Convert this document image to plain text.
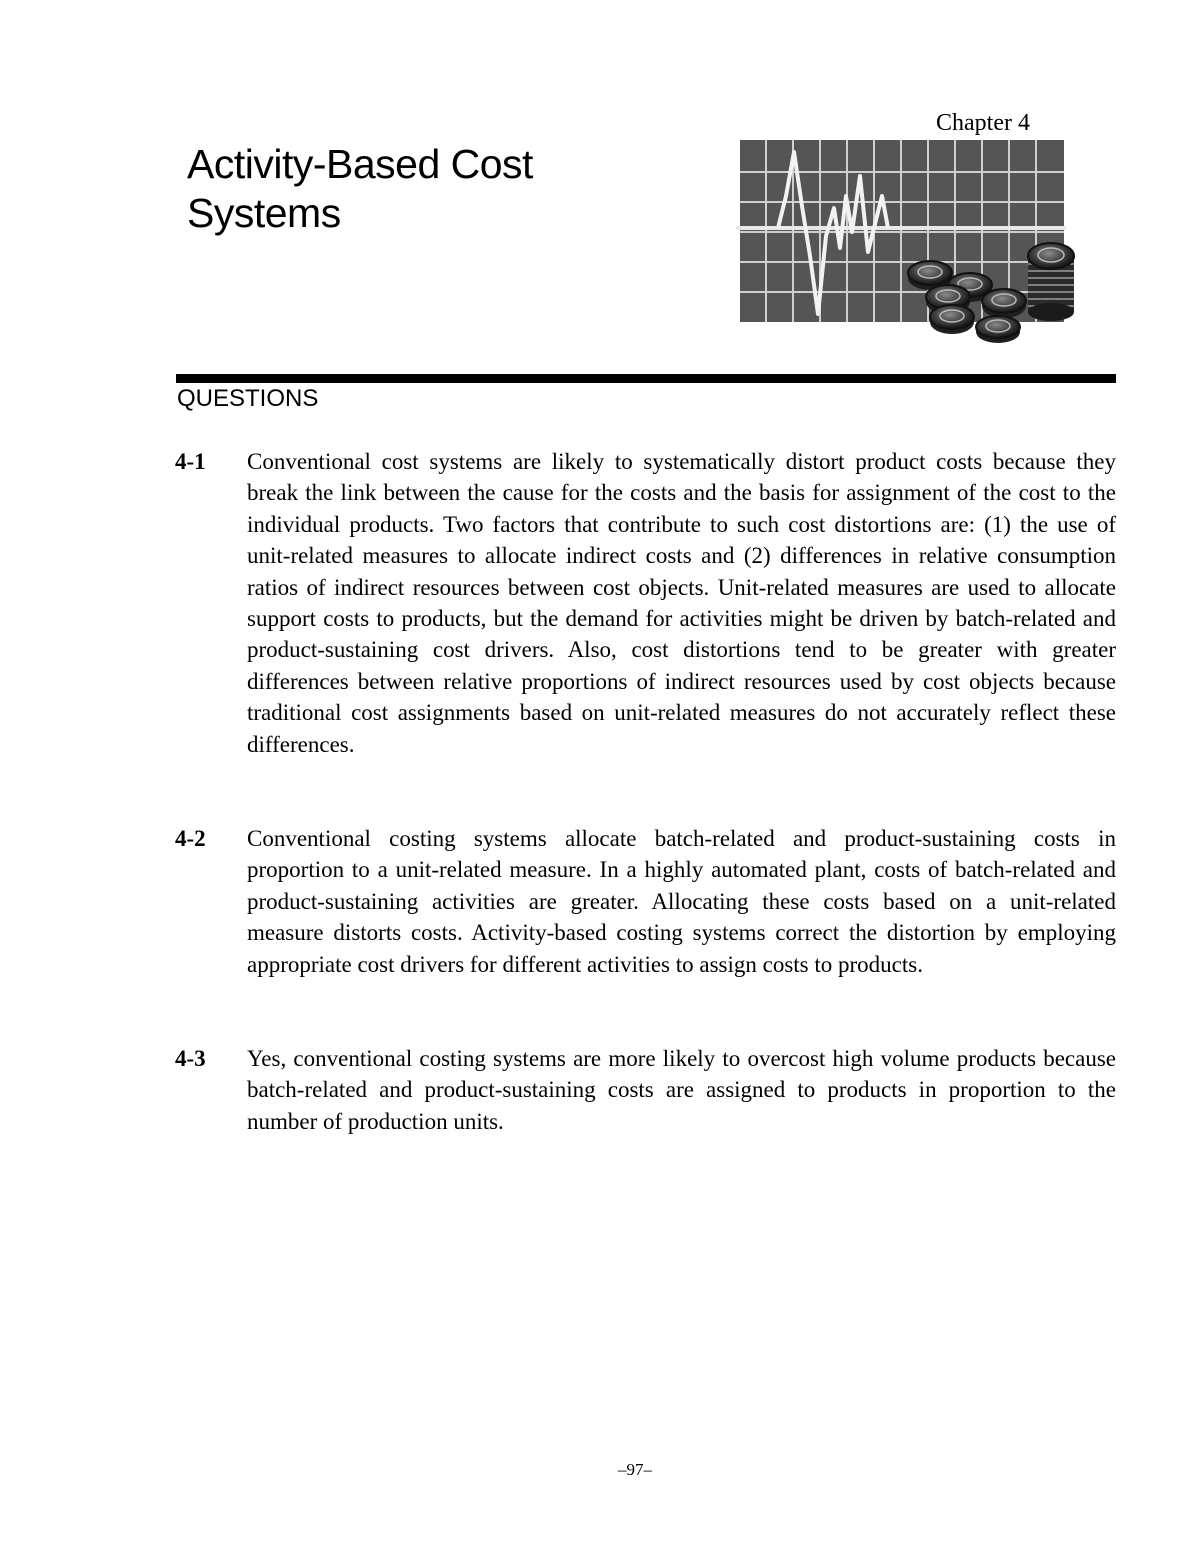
Chapter 4
Activity-Based Cost
Systems
QUESTIONS
4-1	Conventional cost systems are likely to systematically distort product costs because they break the link between the cause for the costs and the basis for assignment of the cost to the individual products. Two factors that contribute to such cost distortions are: (1) the use of unit-related measures to allocate indirect costs and (2) differences in relative consumption ratios of indirect resources between cost objects. Unit-related measures are used to allocate support costs to products, but the demand for activities might be driven by batch-related and product-sustaining cost drivers. Also, cost distortions tend to be greater with greater differences between relative proportions of indirect resources used by cost objects because traditional cost assignments based on unit-related measures do not accurately reflect these differences.
4-2	Conventional costing systems allocate batch-related and product-sustaining costs in proportion to a unit-related measure. In a highly automated plant, costs of batch-related and product-sustaining activities are greater. Allocating these costs based on a unit-related measure distorts costs. Activity-based costing systems correct the distortion by employing appropriate cost drivers for different activities to assign costs to products.
4-3	Yes, conventional costing systems are more likely to overcost high volume products because batch-related and product-sustaining costs are assigned to products in proportion to the number of production units.
–97–
